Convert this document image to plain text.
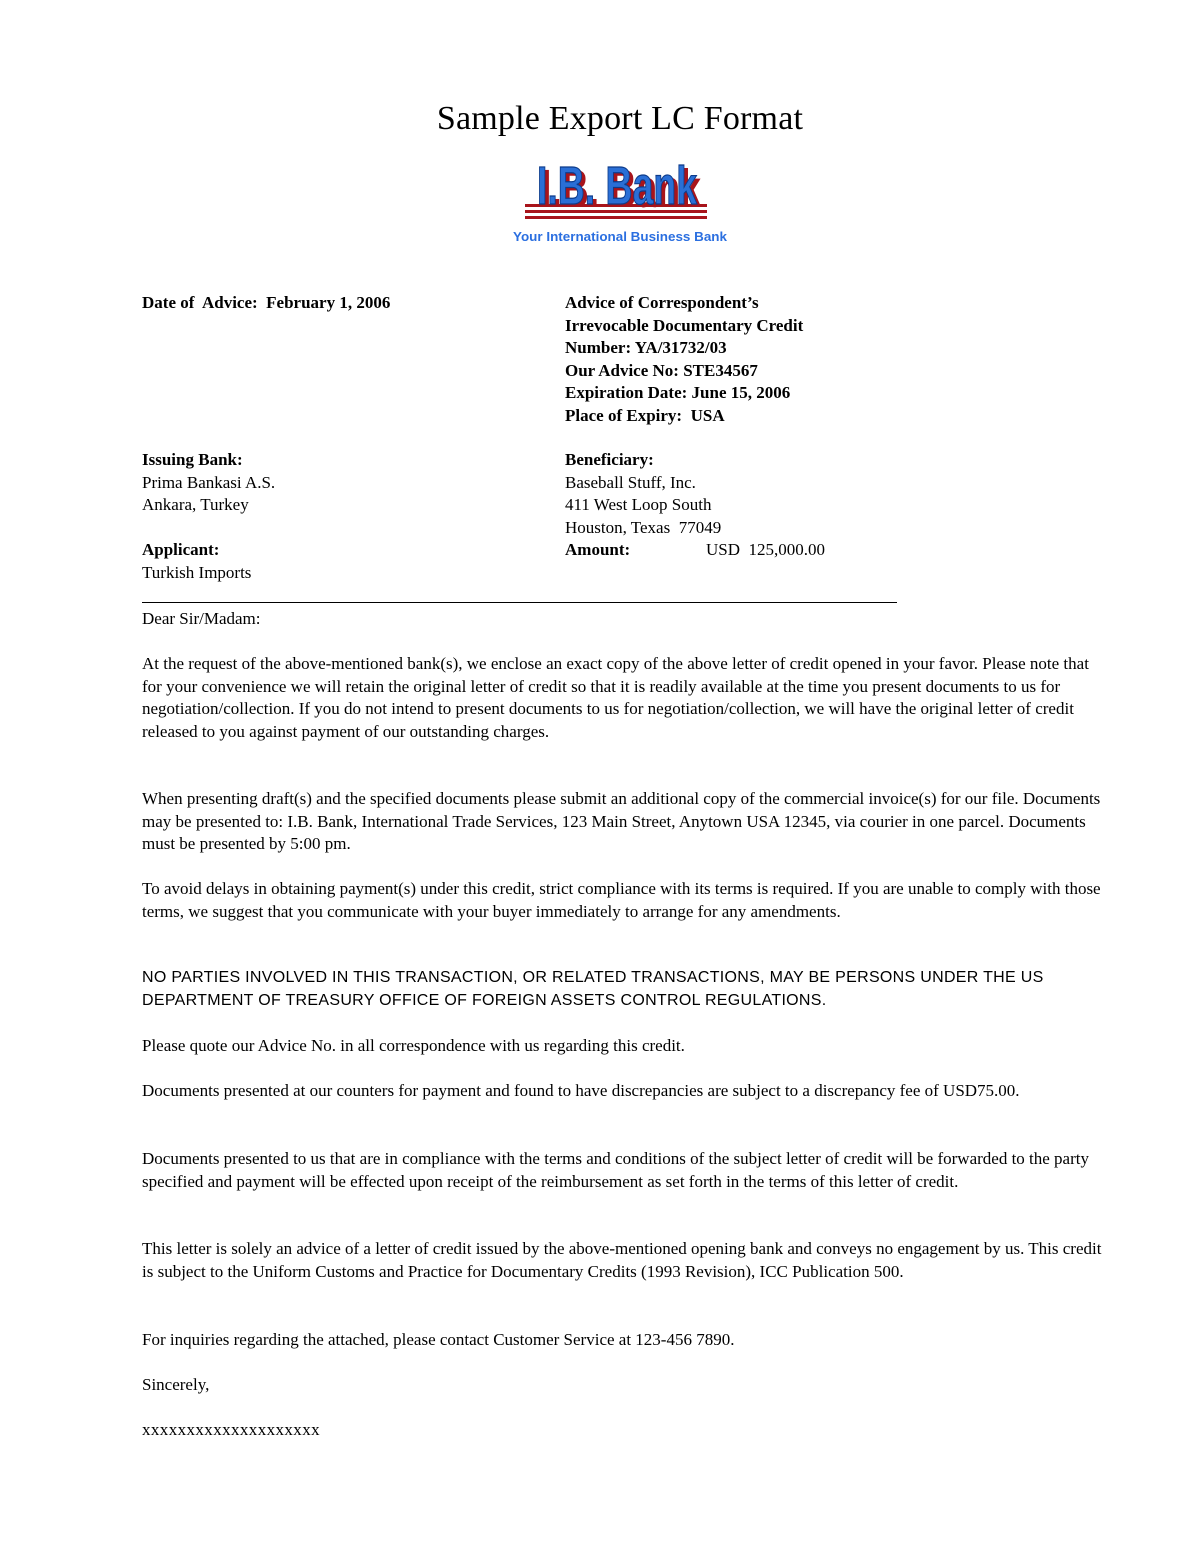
Sample Export LC Format
I.B. Bank
I.B. Bank
Your International Business Bank
Date of  Advice:  February 1, 2006	Advice of Correspondent’s
Irrevocable Documentary Credit
Number: YA/31732/03
Our Advice No: STE34567
Expiration Date: June 15, 2006
Place of Expiry:  USA
Issuing Bank:
Prima Bankasi A.S.
Ankara, Turkey
Beneficiary:
Baseball Stuff, Inc.
411 West Loop South
Houston, Texas  77049
Applicant:
Turkish Imports
Amount:	USD  125,000.00

Dear Sir/Madam:

At the request of the above-mentioned bank(s), we enclose an exact copy of the above letter of credit opened in your favor. Please note that for your convenience we will retain the original letter of credit so that it is readily available at the time you present documents to us for negotiation/collection. If you do not intend to present documents to us for negotiation/collection, we will have the original letter of credit released to you against payment of our outstanding charges.

When presenting draft(s) and the specified documents please submit an additional copy of the commercial invoice(s) for our file. Documents may be presented to: I.B. Bank, International Trade Services, 123 Main Street, Anytown USA 12345, via courier in one parcel. Documents must be presented by 5:00 pm.

To avoid delays in obtaining payment(s) under this credit, strict compliance with its terms is required. If you are unable to comply with those terms, we suggest that you communicate with your buyer immediately to arrange for any amendments.

NO PARTIES INVOLVED IN THIS TRANSACTION, OR RELATED TRANSACTIONS, MAY BE PERSONS UNDER THE US DEPARTMENT OF TREASURY OFFICE OF FOREIGN ASSETS CONTROL REGULATIONS.

Please quote our Advice No. in all correspondence with us regarding this credit.

Documents presented at our counters for payment and found to have discrepancies are subject to a discrepancy fee of USD75.00.

Documents presented to us that are in compliance with the terms and conditions of the subject letter of credit will be forwarded to the party specified and payment will be effected upon receipt of the reimbursement as set forth in the terms of this letter of credit.

This letter is solely an advice of a letter of credit issued by the above-mentioned opening bank and conveys no engagement by us. This credit is subject to the Uniform Customs and Practice for Documentary Credits (1993 Revision), ICC Publication 500.

For inquiries regarding the attached, please contact Customer Service at 123-456 7890.

Sincerely,

xxxxxxxxxxxxxxxxxxxx
